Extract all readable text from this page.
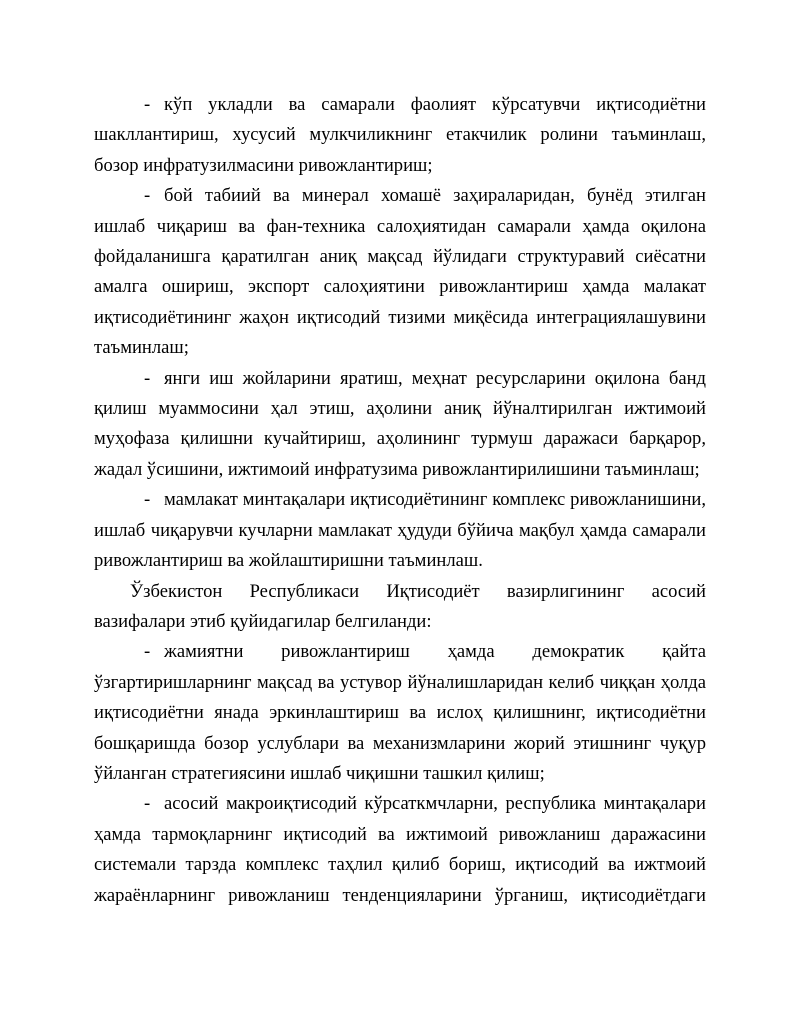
- кўп укладли ва самарали фаолият кўрсатувчи иқтисодиётни шакллантириш, хусусий мулкчиликнинг етакчилик ролини таъминлаш, бозор инфратузилмасини ривожлантириш;

- бой табиий ва минерал хомашё заҳираларидан, бунёд этилган ишлаб чиқариш ва фан-техника салоҳиятидан самарали ҳамда оқилона фойдаланишга қаратилган аниқ мақсад йўлидаги структуравий сиёсатни амалга ошириш, экспорт салоҳиятини ривожлантириш ҳамда малакат иқтисодиётининг жаҳон иқтисодий тизими миқёсида интеграциялашувини таъминлаш;

- янги иш жойларини яратиш, меҳнат ресурсларини оқилона банд қилиш муаммосини ҳал этиш, аҳолини аниқ йўналтирилган ижтимоий муҳофаза қилишни кучайтириш, аҳолининг турмуш даражаси барқарор, жадал ўсишини, ижтимоий инфратузима ривожлантирилишини таъминлаш;

- мамлакат минтақалари иқтисодиётининг комплекс ривожланишини, ишлаб чиқарувчи кучларни мамлакат ҳудуди бўйича мақбул ҳамда самарали ривожлантириш ва жойлаштиришни таъминлаш.

Ўзбекистон Республикаси Иқтисодиёт вазирлигининг асосий вазифалари этиб қуйидагилар белгиланди:

- жамиятни ривожлантириш ҳамда демократик қайта ўзгартиришларнинг мақсад ва устувор йўналишларидан келиб чиққан ҳолда иқтисодиётни янада эркинлаштириш ва ислоҳ қилишнинг, иқтисодиётни бошқаришда бозор услублари ва механизмларини жорий этишнинг чуқур ўйланган стратегиясини ишлаб чиқишни ташкил қилиш;

- асосий макроиқтисодий кўрсаткмчларни, республика минтақалари ҳамда тармоқларнинг иқтисодий ва ижтимоий ривожланиш даражасини системали тарзда комплекс таҳлил қилиб бориш, иқтисодий ва ижтмоий жараёнларнинг ривожланиш тенденцияларини ўрганиш, иқтисодиётдаги
